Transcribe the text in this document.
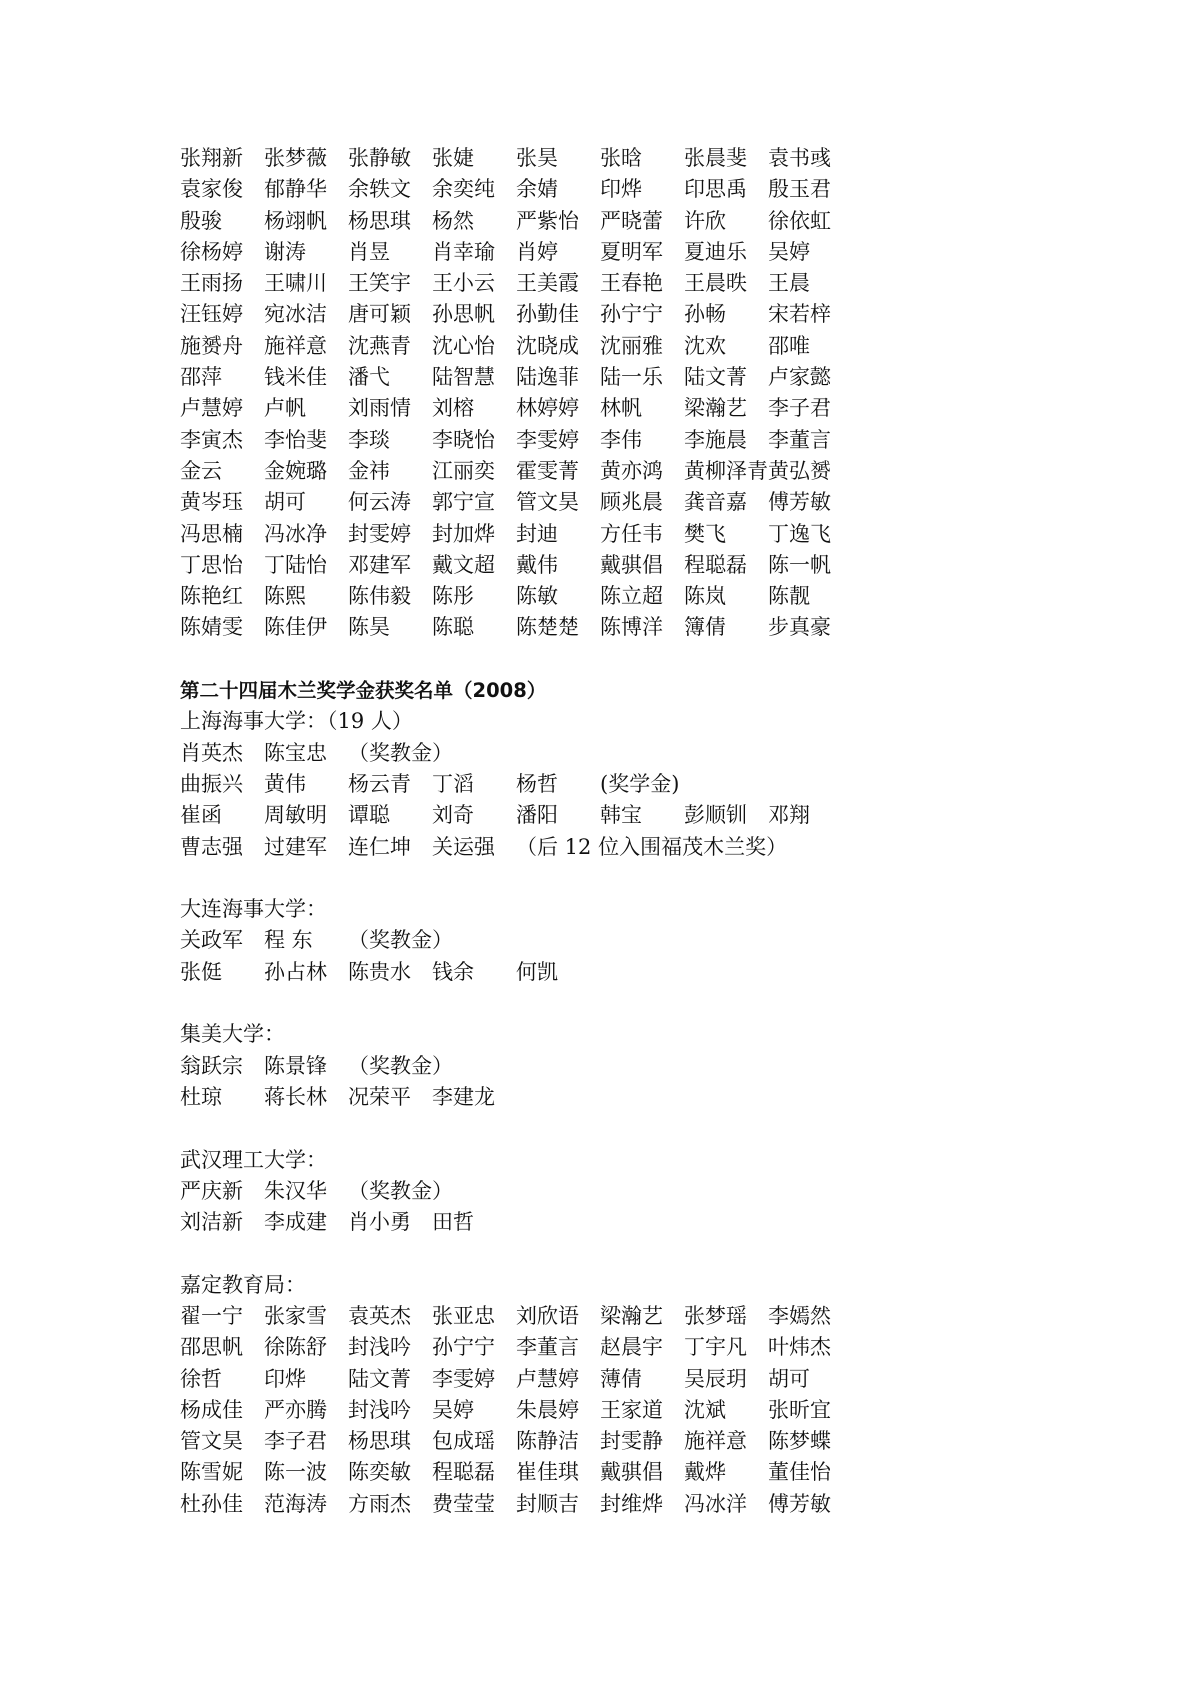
张翔新 张梦薇 张静敏 张婕 张昊 张晗 张晨斐 袁书彧
袁家俊 郁静华 余轶文 余奕纯 余婧 印烨 印思禹 殷玉君
殷骏 杨翊帆 杨思琪 杨然 严紫怡 严晓蕾 许欣 徐依虹
徐杨婷 谢涛 肖昱 肖幸瑜 肖婷 夏明军 夏迪乐 吴婷
王雨扬 王啸川 王笑宇 王小云 王美霞 王春艳 王晨昳 王晨
汪钰婷 宛冰洁 唐可颖 孙思帆 孙勤佳 孙宁宁 孙畅 宋若梓
施赟舟 施祥意 沈燕青 沈心怡 沈晓成 沈丽雅 沈欢 邵唯
邵萍 钱米佳 潘弋 陆智慧 陆逸菲 陆一乐 陆文菁 卢家懿
卢慧婷 卢帆 刘雨情 刘榕 林婷婷 林帆 梁瀚艺 李子君
李寅杰 李怡斐 李琰 李晓怡 李雯婷 李伟 李施晨 李董言
金云 金婉璐 金祎 江丽奕 霍雯菁 黄亦鸿 黄柳泽青 黄弘赟
黄岑珏 胡可 何云涛 郭宁宣 管文昊 顾兆晨 龚音嘉 傅芳敏
冯思楠 冯冰净 封雯婷 封加烨 封迪 方任韦 樊飞 丁逸飞
丁思怡 丁陆怡 邓建军 戴文超 戴伟 戴骐倡 程聪磊 陈一帆
陈艳红 陈熙 陈伟毅 陈彤 陈敏 陈立超 陈岚 陈靓
陈婧雯 陈佳伊 陈昊 陈聪 陈楚楚 陈博洋 簿倩 步真豪
第二十四届木兰奖学金获奖名单（2008）
上海海事大学：（19 人）
肖英杰 陈宝忠 （奖教金）
曲振兴 黄伟 杨云青 丁滔 杨哲 (奖学金)
崔函 周敏明 谭聪 刘奇 潘阳 韩宝 彭顺钏 邓翔
曹志强 过建军 连仁坤 关运强 （后 12 位入围福茂木兰奖）
大连海事大学：
关政军 程 东 （奖教金）
张侹 孙占林 陈贵水 钱余 何凯
集美大学：
翁跃宗 陈景锋 （奖教金）
杜琼 蒋长林 况荣平 李建龙
武汉理工大学：
严庆新 朱汉华 （奖教金）
刘洁新 李成建 肖小勇 田哲
嘉定教育局：
翟一宁 张家雪 袁英杰 张亚忠 刘欣语 梁瀚艺 张梦瑶 李嫣然
邵思帆 徐陈舒 封浅吟 孙宁宁 李董言 赵晨宇 丁宇凡 叶炜杰
徐哲 印烨 陆文菁 李雯婷 卢慧婷 薄倩 吴辰玥 胡可
杨成佳 严亦腾 封浅吟 吴婷 朱晨婷 王家道 沈斌 张昕宜
管文昊 李子君 杨思琪 包成瑶 陈静洁 封雯静 施祥意 陈梦蝶
陈雪妮 陈一波 陈奕敏 程聪磊 崔佳琪 戴骐倡 戴烨 董佳怡
杜孙佳 范海涛 方雨杰 费莹莹 封顺吉 封维烨 冯冰洋 傅芳敏
